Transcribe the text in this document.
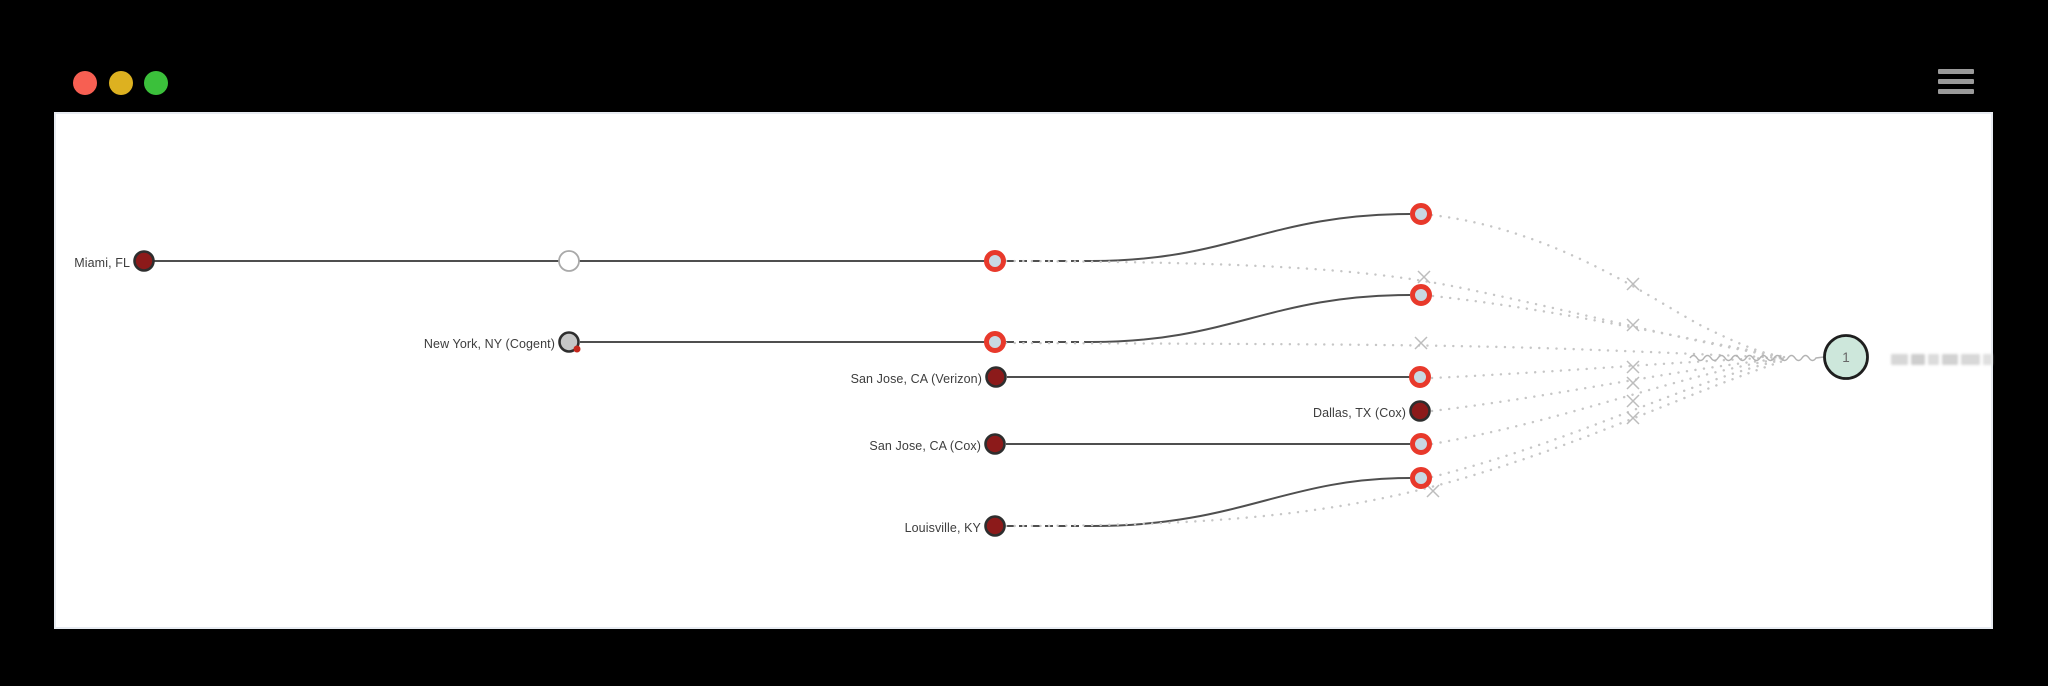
1
Miami, FL
New York, NY (Cogent)
San Jose, CA (Verizon)
Dallas, TX (Cox)
San Jose, CA (Cox)
Louisville, KY
